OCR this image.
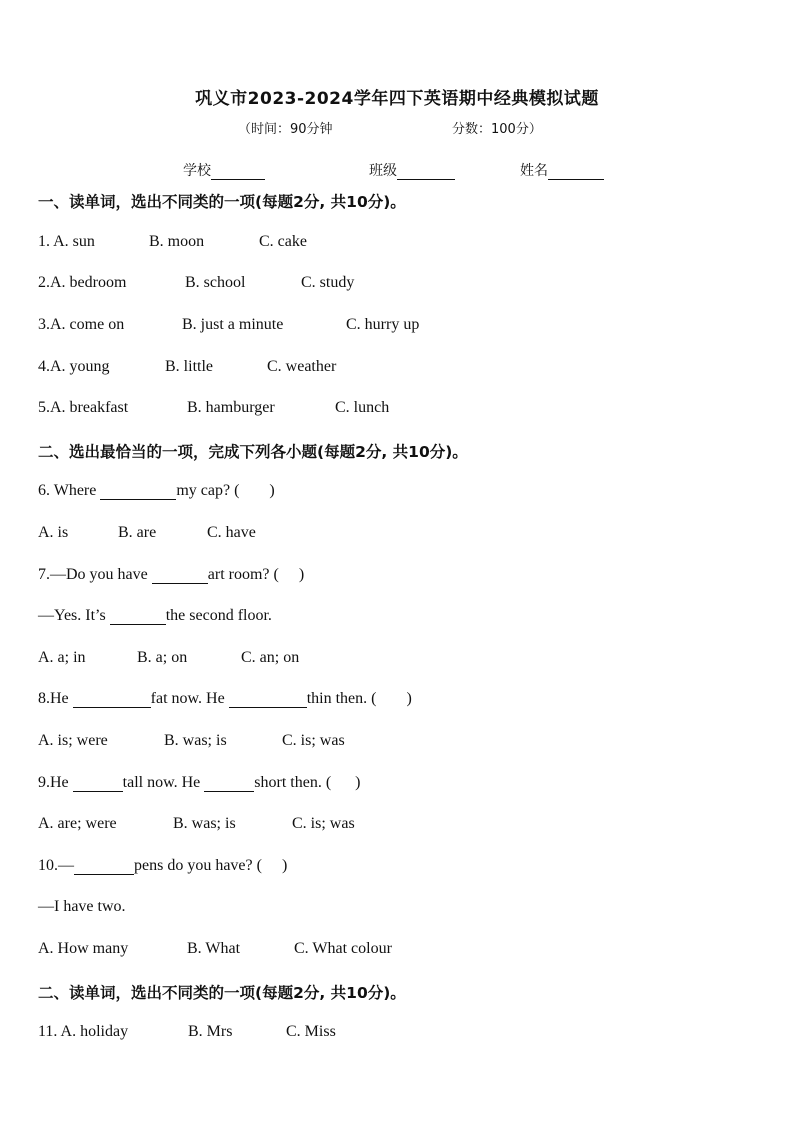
巩义市2023-2024学年四下英语期中经典模拟试题
（时间：90分钟	分数：100分）
学校	班级	姓名
一、读单词，选出不同类的一项(每题2分, 共10分)。
1. A. sun	B. moon	C. cake
2.A. bedroom	B. school	C. study
3.A. come on	B. just a minute	C. hurry up
4.A. young	B. little	C. weather
5.A. breakfast	B. hamburger	C. lunch
二、选出最恰当的一项，完成下列各小题(每题2分, 共10分)。
6. Where	my cap? ( )
A. is	B. are	C. have
7.—Do you have	art room? ( )
—Yes. It’s	the second floor.
A. a; in	B. a; on	C. an; on
8.He	fat now. He	thin then. ( )
A. is; were	B. was; is	C. is; was
9.He	tall now. He	short then. ( )
A. are; were	B. was; is	C. is; was
10.—	pens do you have? ( )
—I have two.
A. How many	B. What	C. What colour
二、读单词，选出不同类的一项(每题2分, 共10分)。
11. A. holiday	B. Mrs	C. Miss
